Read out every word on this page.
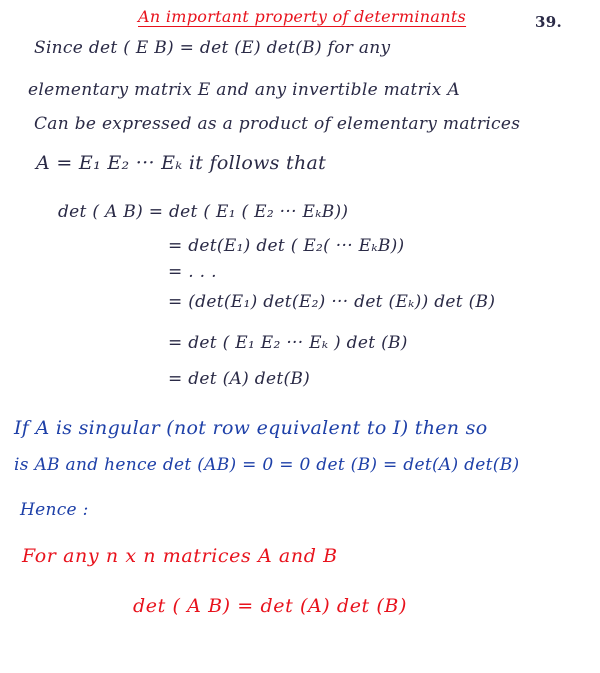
An important property of determinants	39.
Since det ( E B) = det (E) det(B) for any
elementary matrix E and any invertible matrix A
Can be expressed as a product of elementary matrices
A = E₁ E₂ ··· Eₖ it follows that
det ( A B) = det ( E₁ ( E₂ ··· EₖB))
= det(E₁) det ( E₂( ··· EₖB))
= . . .
= (det(E₁) det(E₂) ··· det (Eₖ)) det (B)
= det ( E₁ E₂ ··· Eₖ ) det (B)
= det (A) det(B)
If A is singular (not row equivalent to I) then so
is AB and hence det (AB) = 0 = 0 det (B) = det(A) det(B)
Hence :
For any n x n matrices A and B
det ( A B) = det (A) det (B)
